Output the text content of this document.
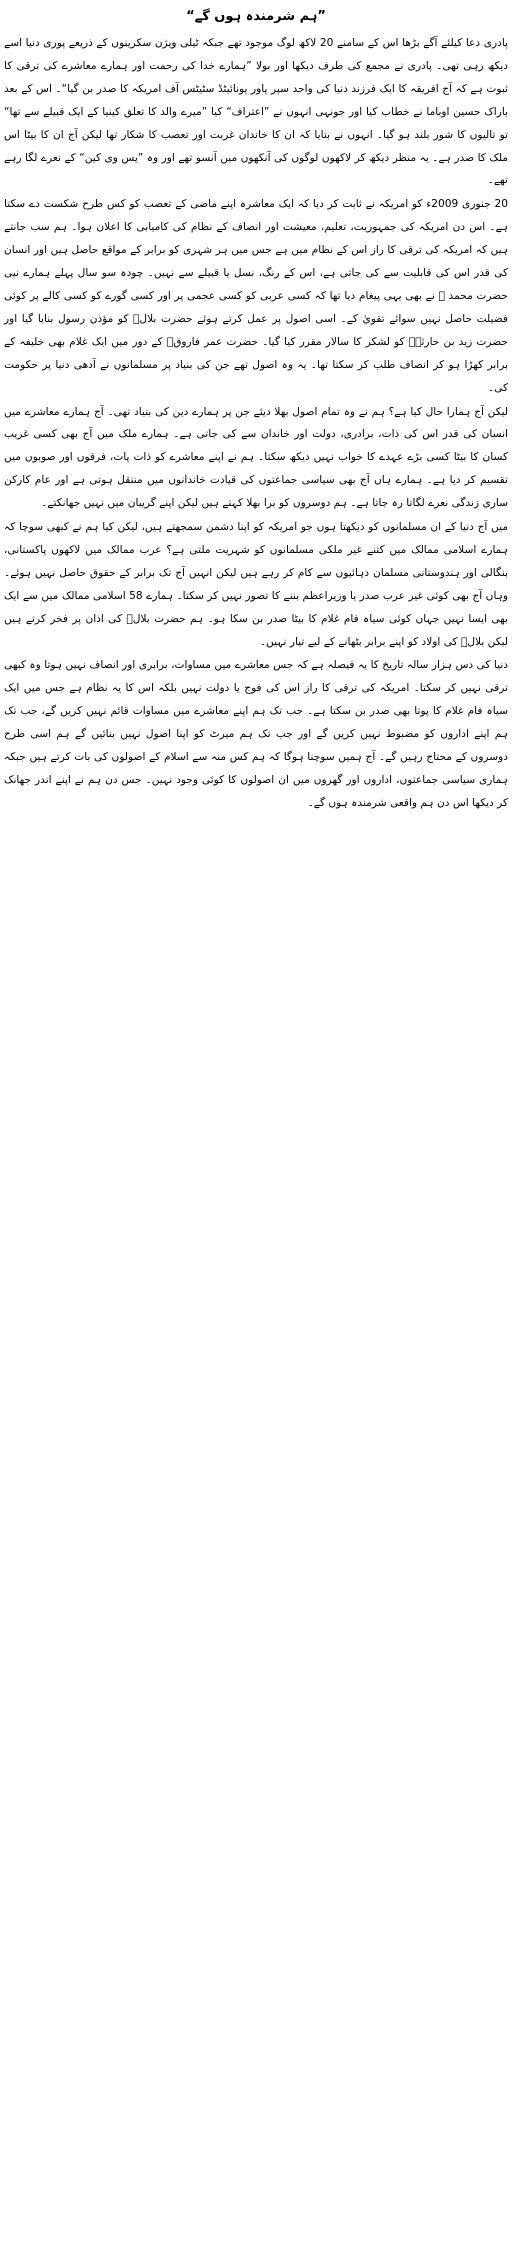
”ہم شرمندہ ہوں گے“

پادری دعا کیلئے آگے بڑھا اس کے سامنے 20 لاکھ لوگ موجود تھے جبکہ ٹیلی ویژن سکرینوں کے ذریعے پوری دنیا اسے دیکھ رہی تھی۔ پادری نے مجمع کی طرف دیکھا اور بولا ”ہمارے خدا کی رحمت اور ہمارے معاشرے کی ترقی کا ثبوت ہے کہ آج افریقہ کا ایک فرزند دنیا کی واحد سپر پاور یونائیٹڈ سٹیٹس آف امریکہ کا صدر بن گیا“۔ اس کے بعد باراک حسین اوباما نے خطاب کیا اور جونہی انہوں نے ”اعتراف“ کیا ”میرے والد کا تعلق کینیا کے ایک قبیلے سے تھا“ تو تالیوں کا شور بلند ہو گیا۔ انہوں نے بتایا کہ ان کا خاندان غربت اور تعصب کا شکار تھا لیکن آج ان کا بیٹا اس ملک کا صدر ہے۔ یہ منظر دیکھ کر لاکھوں لوگوں کی آنکھوں میں آنسو تھے اور وہ ”یس وی کین“ کے نعرے لگا رہے تھے۔

20 جنوری 2009ء کو امریکہ نے ثابت کر دیا کہ ایک معاشرہ اپنے ماضی کے تعصب کو کس طرح شکست دے سکتا ہے۔ اس دن امریکہ کی جمہوریت، تعلیم، معیشت اور انصاف کے نظام کی کامیابی کا اعلان ہوا۔ ہم سب جانتے ہیں کہ امریکہ کی ترقی کا راز اس کے نظام میں ہے جس میں ہر شہری کو برابر کے مواقع حاصل ہیں اور انسان کی قدر اس کی قابلیت سے کی جاتی ہے، اس کے رنگ، نسل یا قبیلے سے نہیں۔ چودہ سو سال پہلے ہمارے نبی حضرت محمد ﷺ نے بھی یہی پیغام دیا تھا کہ کسی عربی کو کسی عجمی پر اور کسی گورے کو کسی کالے پر کوئی فضیلت حاصل نہیں سوائے تقویٰ کے۔ اسی اصول پر عمل کرتے ہوئے حضرت بلالؓ کو مؤذن رسول بنایا گیا اور حضرت زید بن حارثہؓ کو لشکر کا سالار مقرر کیا گیا۔ حضرت عمر فاروقؓ کے دور میں ایک غلام بھی خلیفہ کے برابر کھڑا ہو کر انصاف طلب کر سکتا تھا۔ یہ وہ اصول تھے جن کی بنیاد پر مسلمانوں نے آدھی دنیا پر حکومت کی۔

لیکن آج ہمارا حال کیا ہے؟ ہم نے وہ تمام اصول بھلا دیئے جن پر ہمارے دین کی بنیاد تھی۔ آج ہمارے معاشرے میں انسان کی قدر اس کی ذات، برادری، دولت اور خاندان سے کی جاتی ہے۔ ہمارے ملک میں آج بھی کسی غریب کسان کا بیٹا کسی بڑے عہدے کا خواب نہیں دیکھ سکتا۔ ہم نے اپنے معاشرے کو ذات پات، فرقوں اور صوبوں میں تقسیم کر دیا ہے۔ ہمارے ہاں آج بھی سیاسی جماعتوں کی قیادت خاندانوں میں منتقل ہوتی ہے اور عام کارکن ساری زندگی نعرے لگاتا رہ جاتا ہے۔ ہم دوسروں کو برا بھلا کہتے ہیں لیکن اپنے گریبان میں نہیں جھانکتے۔

میں آج دنیا کے ان مسلمانوں کو دیکھتا ہوں جو امریکہ کو اپنا دشمن سمجھتے ہیں، لیکن کیا ہم نے کبھی سوچا کہ ہمارے اسلامی ممالک میں کتنے غیر ملکی مسلمانوں کو شہریت ملتی ہے؟ عرب ممالک میں لاکھوں پاکستانی، بنگالی اور ہندوستانی مسلمان دہائیوں سے کام کر رہے ہیں لیکن انہیں آج تک برابر کے حقوق حاصل نہیں ہوئے۔ وہاں آج بھی کوئی غیر عرب صدر یا وزیراعظم بننے کا تصور نہیں کر سکتا۔ ہمارے 58 اسلامی ممالک میں سے ایک بھی ایسا نہیں جہاں کوئی سیاہ فام غلام کا بیٹا صدر بن سکا ہو۔ ہم حضرت بلالؓ کی اذان پر فخر کرتے ہیں لیکن بلالؓ کی اولاد کو اپنے برابر بٹھانے کے لیے تیار نہیں۔

دنیا کی دس ہزار سالہ تاریخ کا یہ فیصلہ ہے کہ جس معاشرے میں مساوات، برابری اور انصاف نہیں ہوتا وہ کبھی ترقی نہیں کر سکتا۔ امریکہ کی ترقی کا راز اس کی فوج یا دولت نہیں بلکہ اس کا یہ نظام ہے جس میں ایک سیاہ فام غلام کا پوتا بھی صدر بن سکتا ہے۔ جب تک ہم اپنے معاشرے میں مساوات قائم نہیں کریں گے، جب تک ہم اپنے اداروں کو مضبوط نہیں کریں گے اور جب تک ہم میرٹ کو اپنا اصول نہیں بنائیں گے ہم اسی طرح دوسروں کے محتاج رہیں گے۔ آج ہمیں سوچنا ہوگا کہ ہم کس منہ سے اسلام کے اصولوں کی بات کرتے ہیں جبکہ ہماری سیاسی جماعتوں، اداروں اور گھروں میں ان اصولوں کا کوئی وجود نہیں۔ جس دن ہم نے اپنے اندر جھانک کر دیکھا اس دن ہم واقعی شرمندہ ہوں گے۔
